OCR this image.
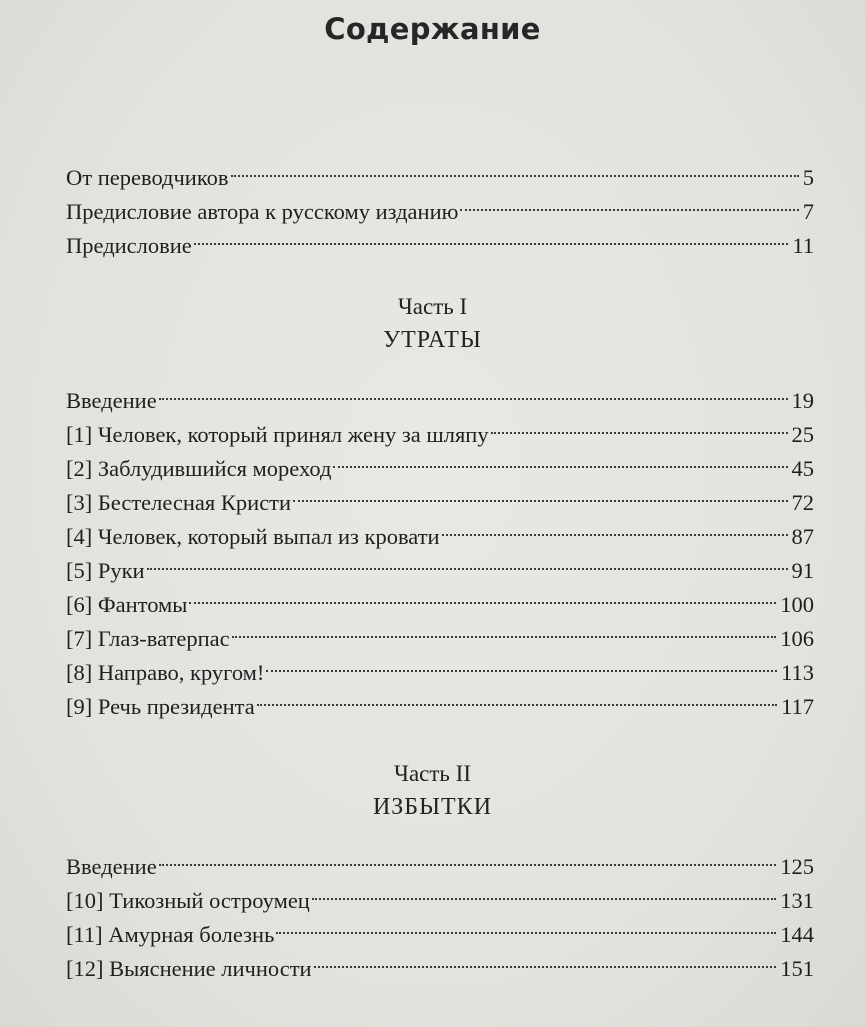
Содержание
От переводчиков	5
Предисловие автора к русскому изданию	7
Предисловие	11
Часть I
УТРАТЫ
Введение	19
[1] Человек, который принял жену за шляпу	25
[2] Заблудившийся мореход	45
[3] Бестелесная Кристи	72
[4] Человек, который выпал из кровати	87
[5] Руки	91
[6] Фантомы	100
[7] Глаз-ватерпас	106
[8] Направо, кругом!	113
[9] Речь президента	117
Часть II
ИЗБЫТКИ
Введение	125
[10] Тикозный остроумец	131
[11] Амурная болезнь	144
[12] Выяснение личности	151
